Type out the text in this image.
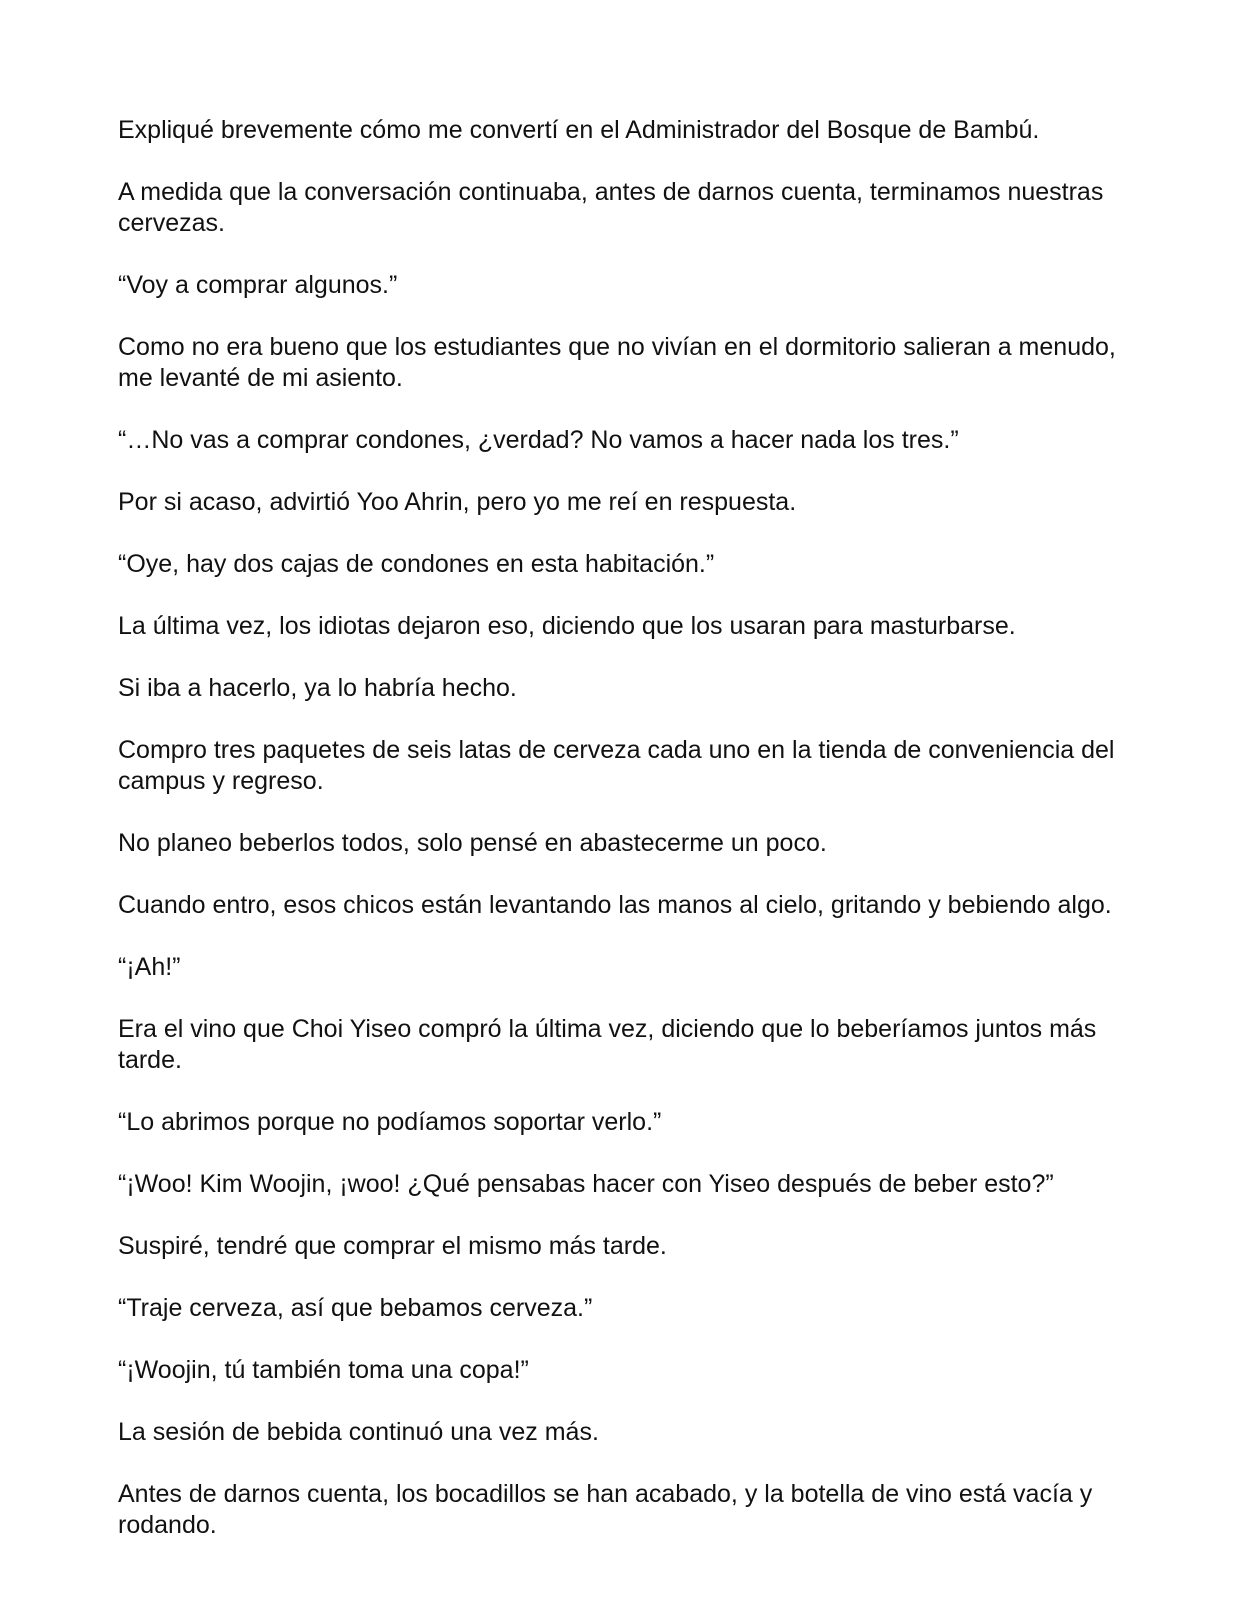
Expliqué brevemente cómo me convertí en el Administrador del Bosque de Bambú.

A medida que la conversación continuaba, antes de darnos cuenta, terminamos nuestras cervezas.

“Voy a comprar algunos.”

Como no era bueno que los estudiantes que no vivían en el dormitorio salieran a menudo, me levanté de mi asiento.

“…No vas a comprar condones, ¿verdad? No vamos a hacer nada los tres.”

Por si acaso, advirtió Yoo Ahrin, pero yo me reí en respuesta.

“Oye, hay dos cajas de condones en esta habitación.”

La última vez, los idiotas dejaron eso, diciendo que los usaran para masturbarse.

Si iba a hacerlo, ya lo habría hecho.

Compro tres paquetes de seis latas de cerveza cada uno en la tienda de conveniencia del campus y regreso.

No planeo beberlos todos, solo pensé en abastecerme un poco.

Cuando entro, esos chicos están levantando las manos al cielo, gritando y bebiendo algo.

“¡Ah!”

Era el vino que Choi Yiseo compró la última vez, diciendo que lo beberíamos juntos más tarde.

“Lo abrimos porque no podíamos soportar verlo.”

“¡Woo! Kim Woojin, ¡woo! ¿Qué pensabas hacer con Yiseo después de beber esto?”

Suspiré, tendré que comprar el mismo más tarde.

“Traje cerveza, así que bebamos cerveza.”

“¡Woojin, tú también toma una copa!”

La sesión de bebida continuó una vez más.

Antes de darnos cuenta, los bocadillos se han acabado, y la botella de vino está vacía y rodando.
